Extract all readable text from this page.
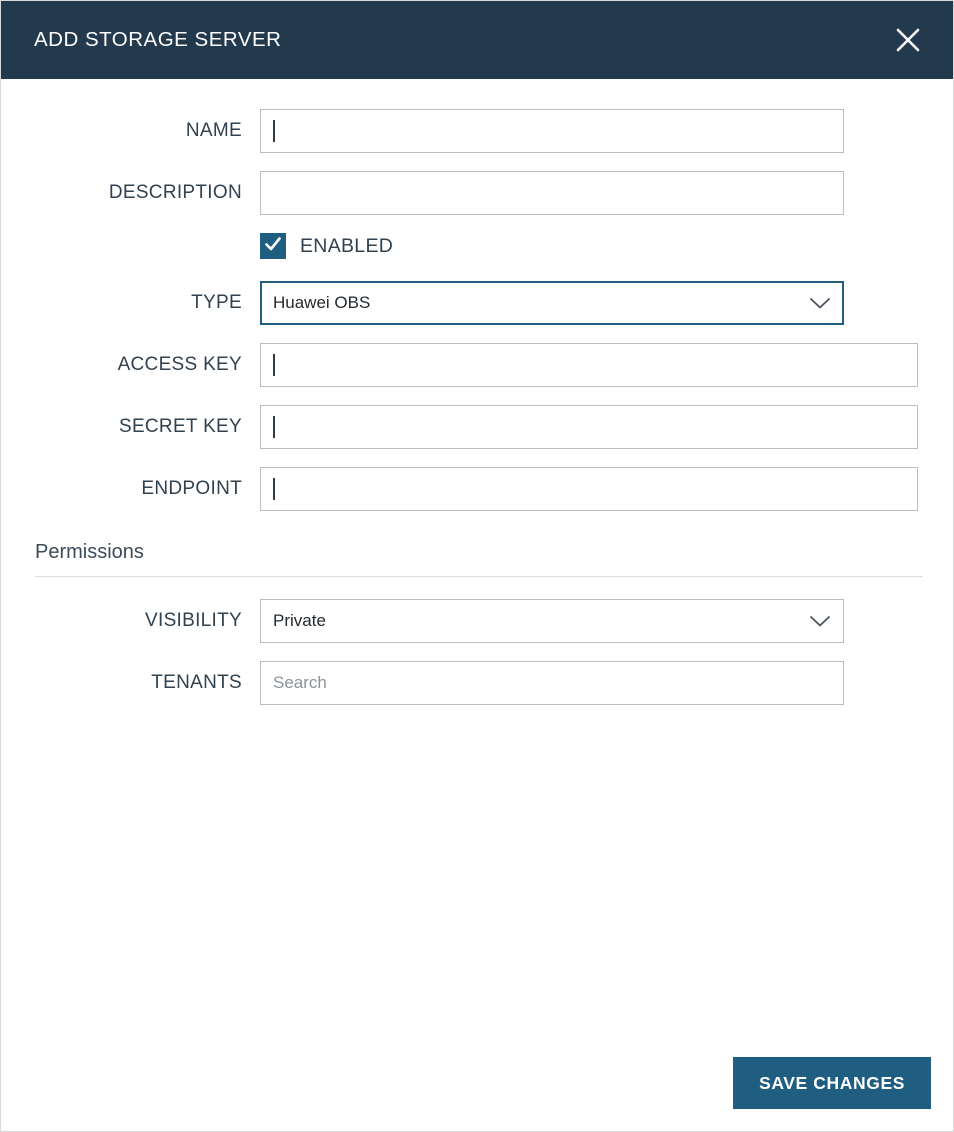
ADD STORAGE SERVER
NAME
DESCRIPTION
ENABLED
TYPE	Huawei OBS
ACCESS KEY
SECRET KEY
ENDPOINT
Permissions
VISIBILITY	Private
TENANTS	Search
SAVE CHANGES
